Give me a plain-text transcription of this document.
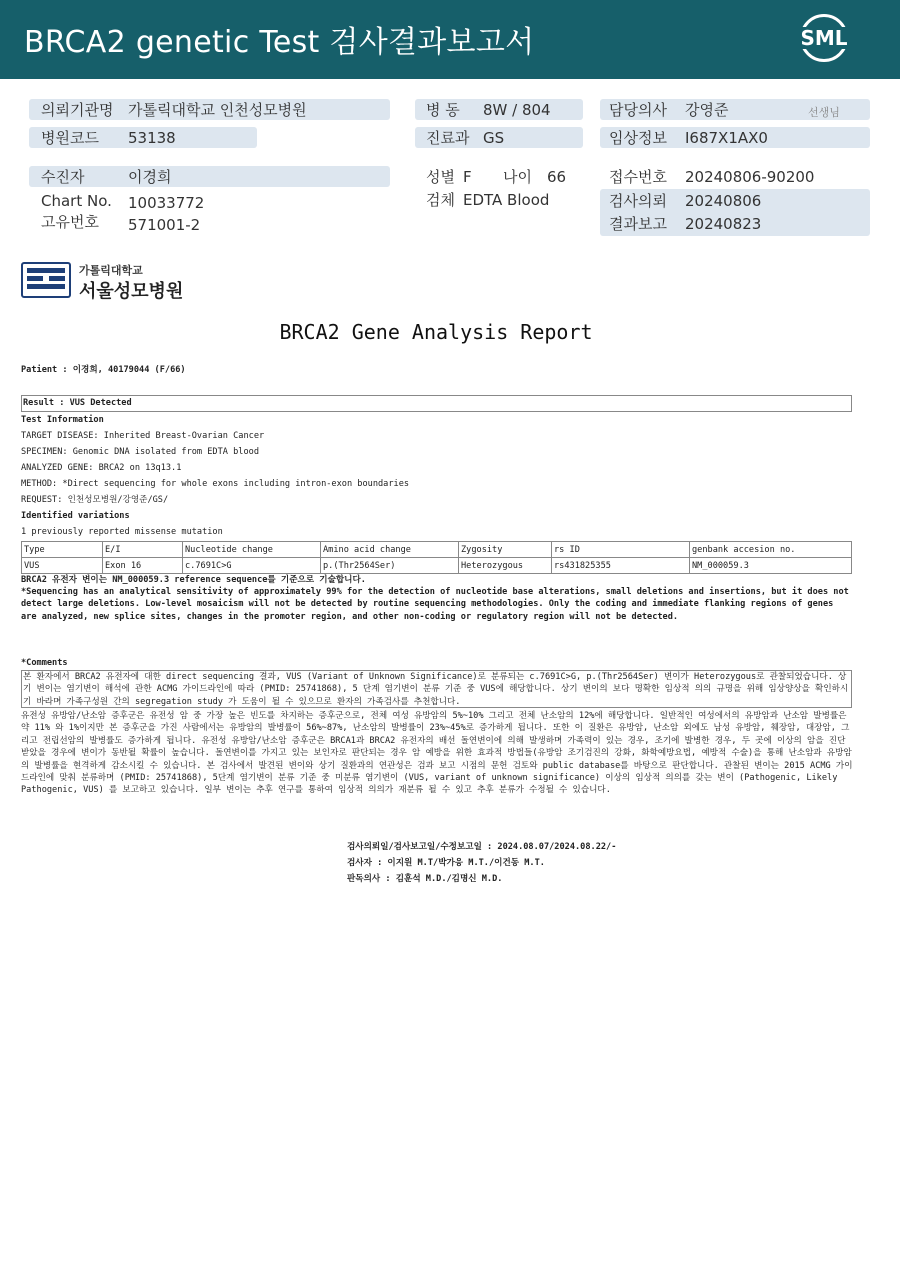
BRCA2 genetic Test 검사결과보고서	SML
의뢰기관명 가톨릭대학교 인천성모병원
병원코드 53138
병 동 8W / 804
진료과 GS
담당의사 강영준	선생님
임상정보 I687X1AX0
수진자	이경희
Chart No. 10033772
고유번호 571001-2
성별 F 나이 66
검체 EDTA Blood
접수번호 20240806-90200
검사의뢰 20240806
결과보고 20240823
가톨릭대학교
서울성모병원
BRCA2 Gene Analysis Report
Patient : 이경희, 40179044 (F/66)
Result : VUS Detected
Test Information
TARGET DISEASE: Inherited Breast-Ovarian Cancer
SPECIMEN: Genomic DNA isolated from EDTA blood
ANALYZED GENE: BRCA2 on 13q13.1
METHOD: *Direct sequencing for whole exons including intron-exon boundaries
REQUEST: 인천성모병원/강영준/GS/
Identified variations
1 previously reported missense mutation
Type	E/I	Nucleotide change	Amino acid change	Zygosity	rs ID	genbank accesion no.
VUS	Exon 16	c.7691C>G	p.(Thr2564Ser)	Heterozygous	rs431825355	NM_000059.3
BRCA2 유전자 변이는 NM_000059.3 reference sequence를 기준으로 기술합니다.
*Sequencing has an analytical sensitivity of approximately 99% for the detection of nucleotide base alterations, small deletions and insertions, but it does not detect large deletions. Low-level mosaicism will not be detected by routine sequencing methodologies. Only the coding and immediate flanking regions of genes are analyzed, new splice sites, changes in the promoter region, and other non-coding or regulatory region will not be detected.
*Comments
본 환자에서 BRCA2 유전자에 대한 direct sequencing 결과, VUS (Variant of Unknown Significance)로 분류되는 c.7691C>G, p.(Thr2564Ser) 변이가 Heterozygous로 관찰되었습니다. 상기 변이는 염기변이 해석에 관한 ACMG 가이드라인에 따라 (PMID: 25741868), 5 단계 염기변이 분류 기준 중 VUS에 해당합니다. 상기 변이의 보다 명확한 임상적 의의 규명을 위해 임상양상을 확인하시기 바라며 가족구성원 간의 segregation study 가 도움이 될 수 있으므로 환자의 가족검사를 추천합니다.
유전성 유방암/난소암 증후군은 유전성 암 중 가장 높은 빈도를 차지하는 증후군으로, 전체 여성 유방암의 5%~10% 그리고 전체 난소암의 12%에 해당합니다. 일반적인 여성에서의 유방암과 난소암 발병률은 약 11% 와 1%이지만 본 증후군을 가진 사람에서는 유방암의 발병률이 56%~87%, 난소암의 발병률이 23%~45%로 증가하게 됩니다. 또한 이 질환은 유방암, 난소암 외에도 남성 유방암, 췌장암, 대장암, 그리고 전립선암의 발병률도 증가하게 됩니다. 유전성 유방암/난소암 증후군은 BRCA1과 BRCA2 유전자의 배선 돌연변이에 의해 발생하며 가족력이 있는 경우, 조기에 발병한 경우, 두 곳에 이상의 암을 진단 받았을 경우에 변이가 동반될 확률이 높습니다. 돌연변이를 가지고 있는 보인자로 판단되는 경우 암 예방을 위한 효과적 방법들(유방암 조기검진의 강화, 화학예방요법, 예방적 수술)을 통해 난소암과 유방암의 발병률을 현격하게 감소시킬 수 있습니다. 본 검사에서 발견된 변이와 상기 질환과의 연관성은 검과 보고 시점의 문헌 검토와 public database를 바탕으로 판단합니다. 관찰된 변이는 2015 ACMG 가이드라인에 맞춰 분류하며 (PMID: 25741868), 5단계 염기변이 분류 기준 중 미분류 염기변이 (VUS, variant of unknown significance) 이상의 임상적 의의를 갖는 변이 (Pathogenic, Likely Pathogenic, VUS) 를 보고하고 있습니다. 일부 변이는 추후 연구를 통하여 임상적 의의가 재분류 될 수 있고 추후 분류가 수정될 수 있습니다.
검사의뢰일/검사보고일/수정보고일 : 2024.08.07/2024.08.22/-
검사자 : 이지원 M.T/박가응 M.T./이건동 M.T.
판독의사 : 김훈석 M.D./김명신 M.D.
